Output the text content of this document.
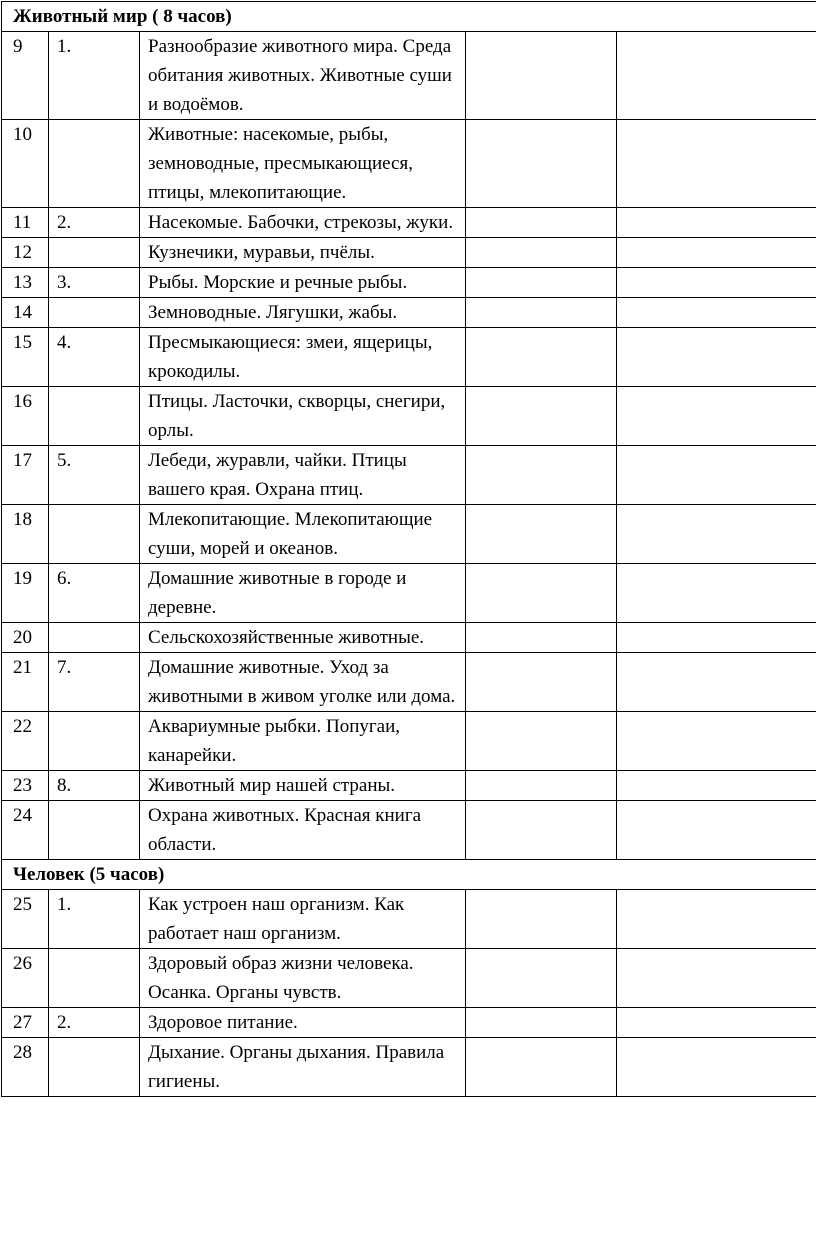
Животный мир ( 8 часов)				
9	1.	Разнообразие животного мира. Среда обитания животных. Животные суши и водоёмов.		
10		Животные: насекомые, рыбы, земноводные, пресмыкающиеся, птицы, млекопитающие.		
11	2.	Насекомые. Бабочки, стрекозы, жуки.		
12		Кузнечики, муравьи, пчёлы.		
13	3.	Рыбы. Морские и речные рыбы.		
14		Земноводные. Лягушки, жабы.		
15	4.	Пресмыкающиеся: змеи, ящерицы, крокодилы.		
16		Птицы. Ласточки, скворцы, снегири, орлы.		
17	5.	Лебеди, журавли, чайки. Птицы вашего края. Охрана птиц.		
18		Млекопитающие. Млекопитающие суши, морей и океанов.		
19	6.	Домашние животные в городе и деревне.		
20		Сельскохозяйственные животные.		
21	7.	Домашние животные. Уход за животными в живом уголке или дома.		
22		Аквариумные рыбки. Попугаи, канарейки.		
23	8.	Животный мир нашей страны.		
24		Охрана животных. Красная книга области.		
Человек (5 часов)				
25	1.	Как устроен наш организм. Как работает наш организм.		
26		Здоровый образ жизни человека. Осанка. Органы чувств.		
27	2.	Здоровое питание.		
28		Дыхание. Органы дыхания. Правила гигиены.		
